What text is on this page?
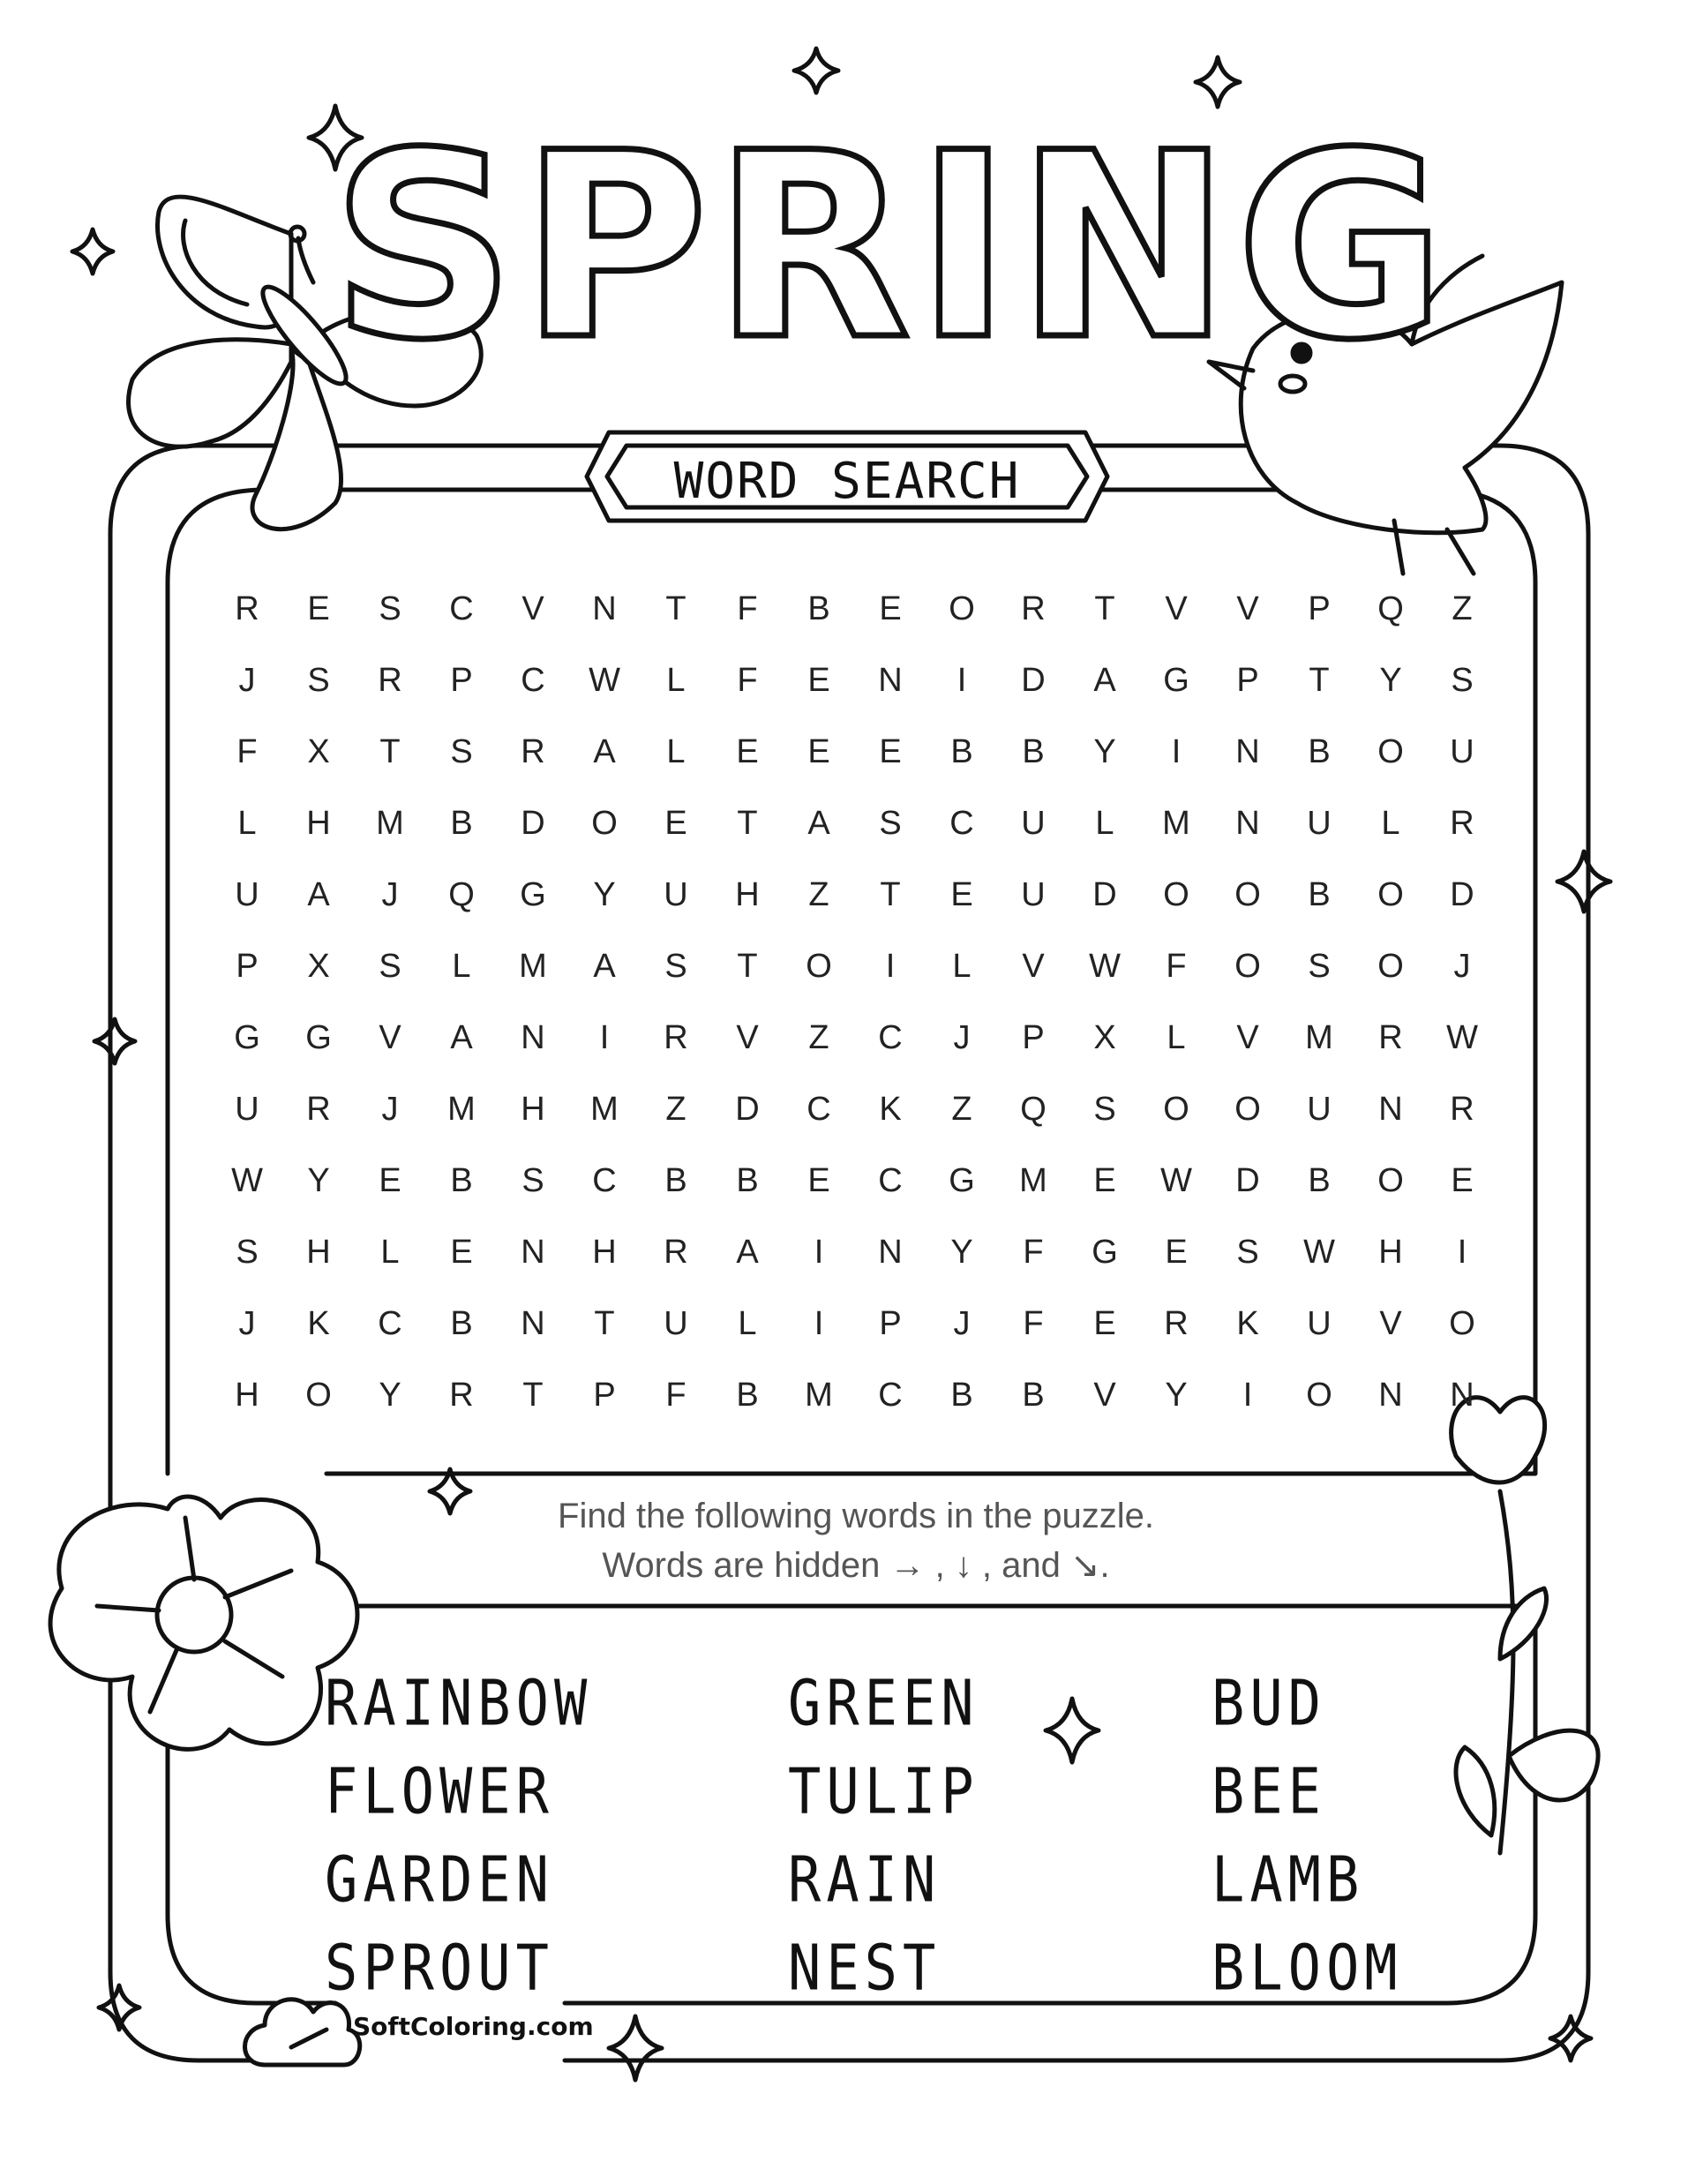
SPRING
WORD SEARCH
R	E	S	C	V	N	T	F	B	E	O	R	T	V	V	P	Q	Z
J	S	R	P	C	W	L	F	E	N	I	D	A	G	P	T	Y	S
F	X	T	S	R	A	L	E	E	E	B	B	Y	I	N	B	O	U
L	H	M	B	D	O	E	T	A	S	C	U	L	M	N	U	L	R
U	A	J	Q	G	Y	U	H	Z	T	E	U	D	O	O	B	O	D
P	X	S	L	M	A	S	T	O	I	L	V	W	F	O	S	O	J
G	G	V	A	N	I	R	V	Z	C	J	P	X	L	V	M	R	W
U	R	J	M	H	M	Z	D	C	K	Z	Q	S	O	O	U	N	R
W	Y	E	B	S	C	B	B	E	C	G	M	E	W	D	B	O	E
S	H	L	E	N	H	R	A	I	N	Y	F	G	E	S	W	H	I
J	K	C	B	N	T	U	L	I	P	J	F	E	R	K	U	V	O
H	O	Y	R	T	P	F	B	M	C	B	B	V	Y	I	O	N	N
Find the following words in the puzzle.
Words are hidden → , ↓ , and ↘.
RAINBOW
FLOWER
GARDEN
SPROUT
GREEN
TULIP
RAIN
NEST
BUD
BEE
LAMB
BLOOM
SoftColoring.com
